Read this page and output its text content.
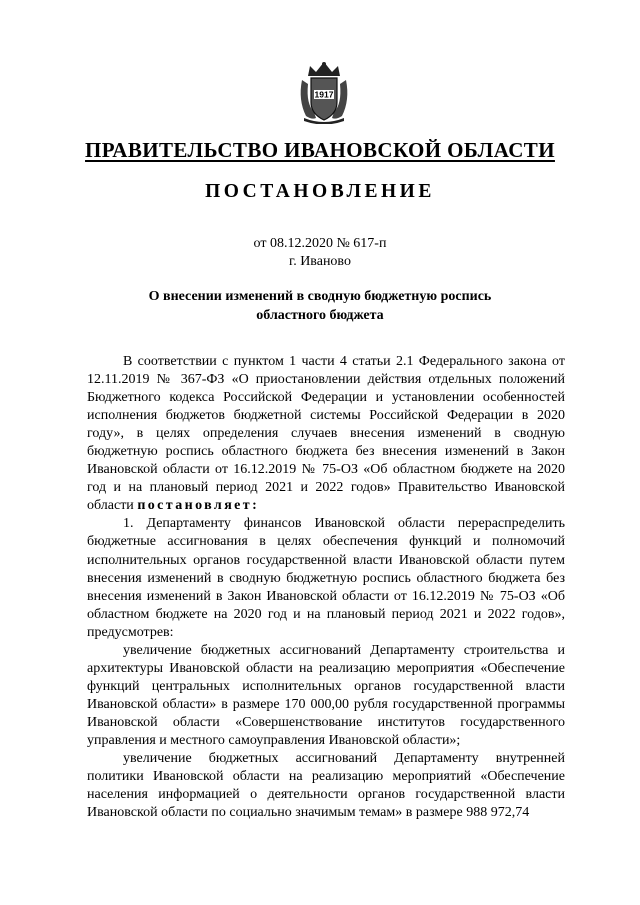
1917
ПРАВИТЕЛЬСТВО ИВАНОВСКОЙ ОБЛАСТИ
ПОСТАНОВЛЕНИЕ
от 08.12.2020 № 617-п
г. Иваново
О внесении изменений в сводную бюджетную роспись
областного бюджета

В соответствии с пунктом 1 части 4 статьи 2.1 Федерального закона от 12.11.2019 № 367-ФЗ «О приостановлении действия отдельных положений Бюджетного кодекса Российской Федерации и установлении особенностей исполнения бюджетов бюджетной системы Российской Федерации в 2020 году», в целях определения случаев внесения изменений в сводную бюджетную роспись областного бюджета без внесения изменений в Закон Ивановской области от 16.12.2019 № 75-ОЗ «Об областном бюджете на 2020 год и на плановый период 2021 и 2022 годов» Правительство Ивановской области постановляет:

1. Департаменту финансов Ивановской области перераспределить бюджетные ассигнования в целях обеспечения функций и полномочий исполнительных органов государственной власти Ивановской области путем внесения изменений в сводную бюджетную роспись областного бюджета без внесения изменений в Закон Ивановской области от 16.12.2019 № 75-ОЗ «Об областном бюджете на 2020 год и на плановый период 2021 и 2022 годов», предусмотрев:

увеличение бюджетных ассигнований Департаменту строительства и архитектуры Ивановской области на реализацию мероприятия «Обеспечение функций центральных исполнительных органов государственной власти Ивановской области» в размере 170 000,00 рубля государственной программы Ивановской области «Совершенствование институтов государственного управления и местного самоуправления Ивановской области»;

увеличение бюджетных ассигнований Департаменту внутренней политики Ивановской области на реализацию мероприятий «Обеспечение населения информацией о деятельности органов государственной власти Ивановской области по социально значимым темам» в размере 988 972,74
